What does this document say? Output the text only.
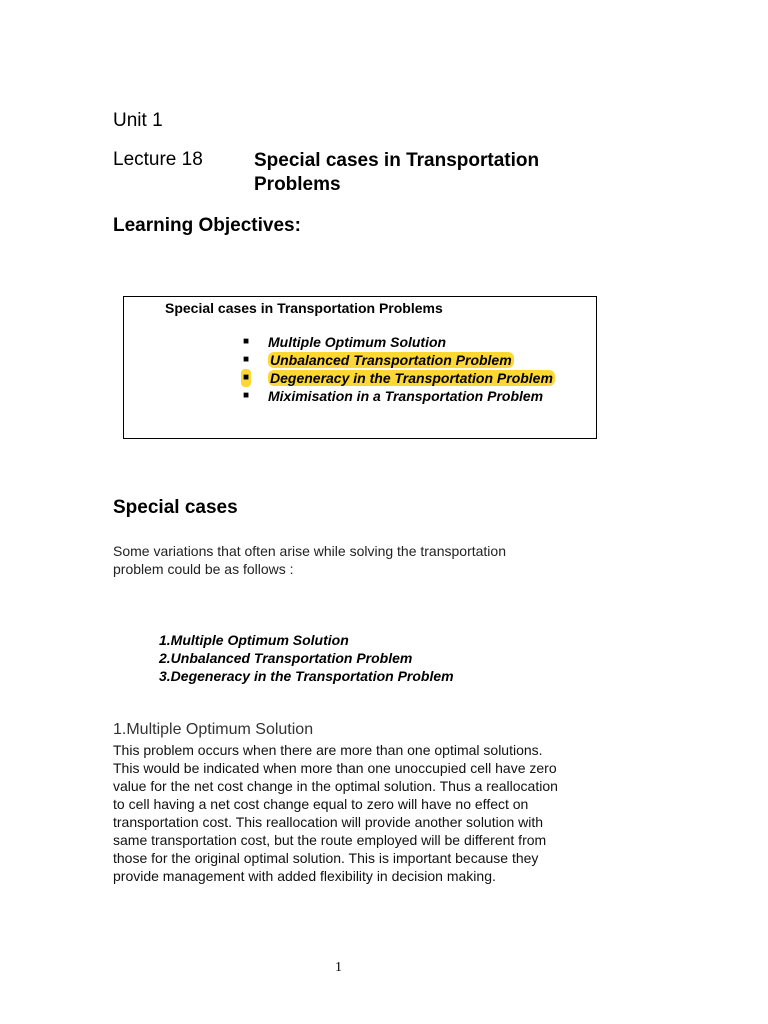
Unit 1
Lecture 18	Special cases in Transportation Problems
Learning Objectives:
Special cases in Transportation Problems
■ Multiple Optimum Solution
■ Unbalanced Transportation Problem
■ Degeneracy in the Transportation Problem
■ Miximisation in a Transportation Problem
Special cases
Some variations that often arise while solving the transportation problem could be as follows :
1.Multiple Optimum Solution
2.Unbalanced Transportation Problem
3.Degeneracy in the Transportation Problem
1.Multiple Optimum Solution
This problem occurs when there are more than one optimal solutions. This would be indicated when more than one unoccupied cell have zero value for the net cost change in the optimal solution. Thus a reallocation to cell having a net cost change equal to zero will have no effect on transportation cost. This reallocation will provide another solution with same transportation cost, but the route employed will be different from those for the original optimal solution. This is important because they provide management with added flexibility in decision making.
1
